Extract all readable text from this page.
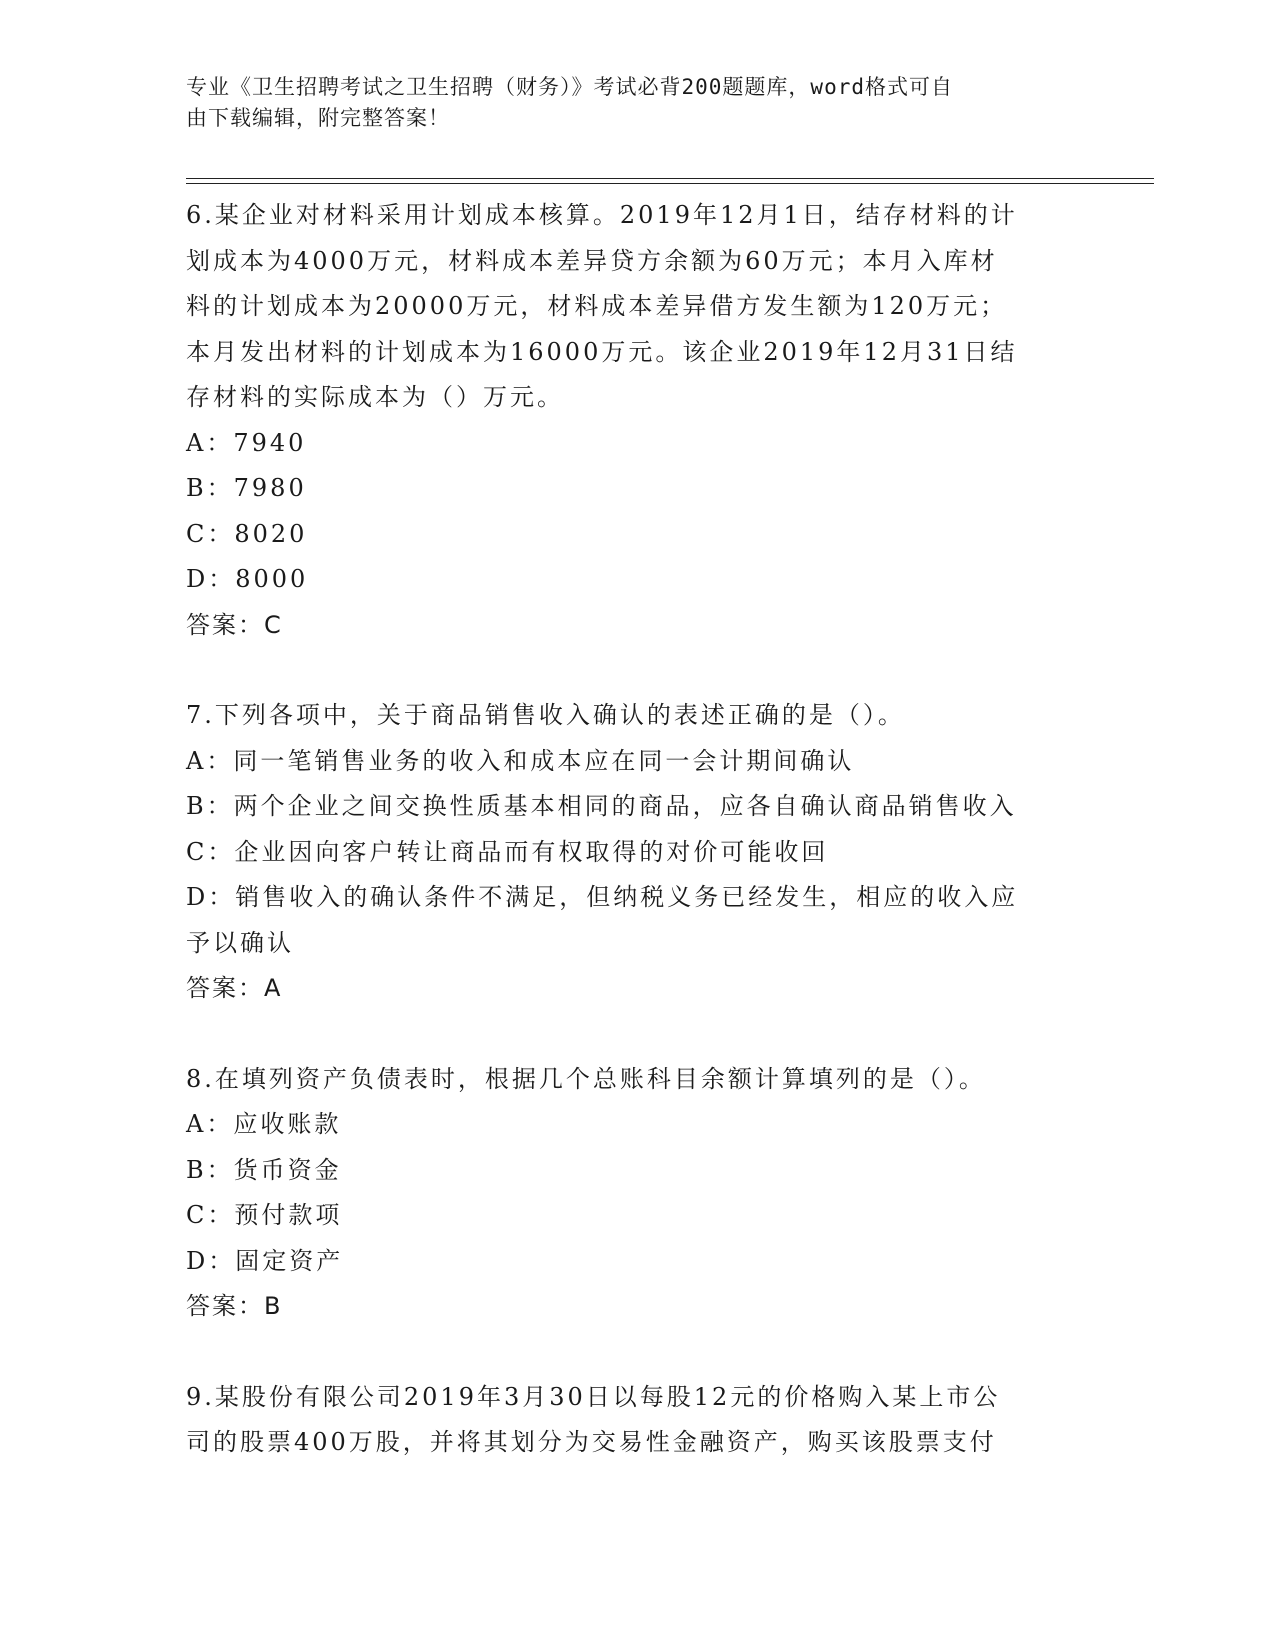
专业《卫生招聘考试之卫生招聘（财务）》考试必背200题题库，word格式可自
由下载编辑，附完整答案！
6.某企业对材料采用计划成本核算。2019年12月1日，结存材料的计
划成本为4000万元，材料成本差异贷方余额为60万元；本月入库材
料的计划成本为20000万元，材料成本差异借方发生额为120万元；
本月发出材料的计划成本为16000万元。该企业2019年12月31日结
存材料的实际成本为（）万元。
A：7940
B：7980
C：8020
D：8000
答案：C
7.下列各项中，关于商品销售收入确认的表述正确的是（）。
A：同一笔销售业务的收入和成本应在同一会计期间确认
B：两个企业之间交换性质基本相同的商品，应各自确认商品销售收入
C：企业因向客户转让商品而有权取得的对价可能收回
D：销售收入的确认条件不满足，但纳税义务已经发生，相应的收入应
予以确认
答案：A
8.在填列资产负债表时，根据几个总账科目余额计算填列的是（）。
A：应收账款
B：货币资金
C：预付款项
D：固定资产
答案：B
9.某股份有限公司2019年3月30日以每股12元的价格购入某上市公
司的股票400万股，并将其划分为交易性金融资产，购买该股票支付
